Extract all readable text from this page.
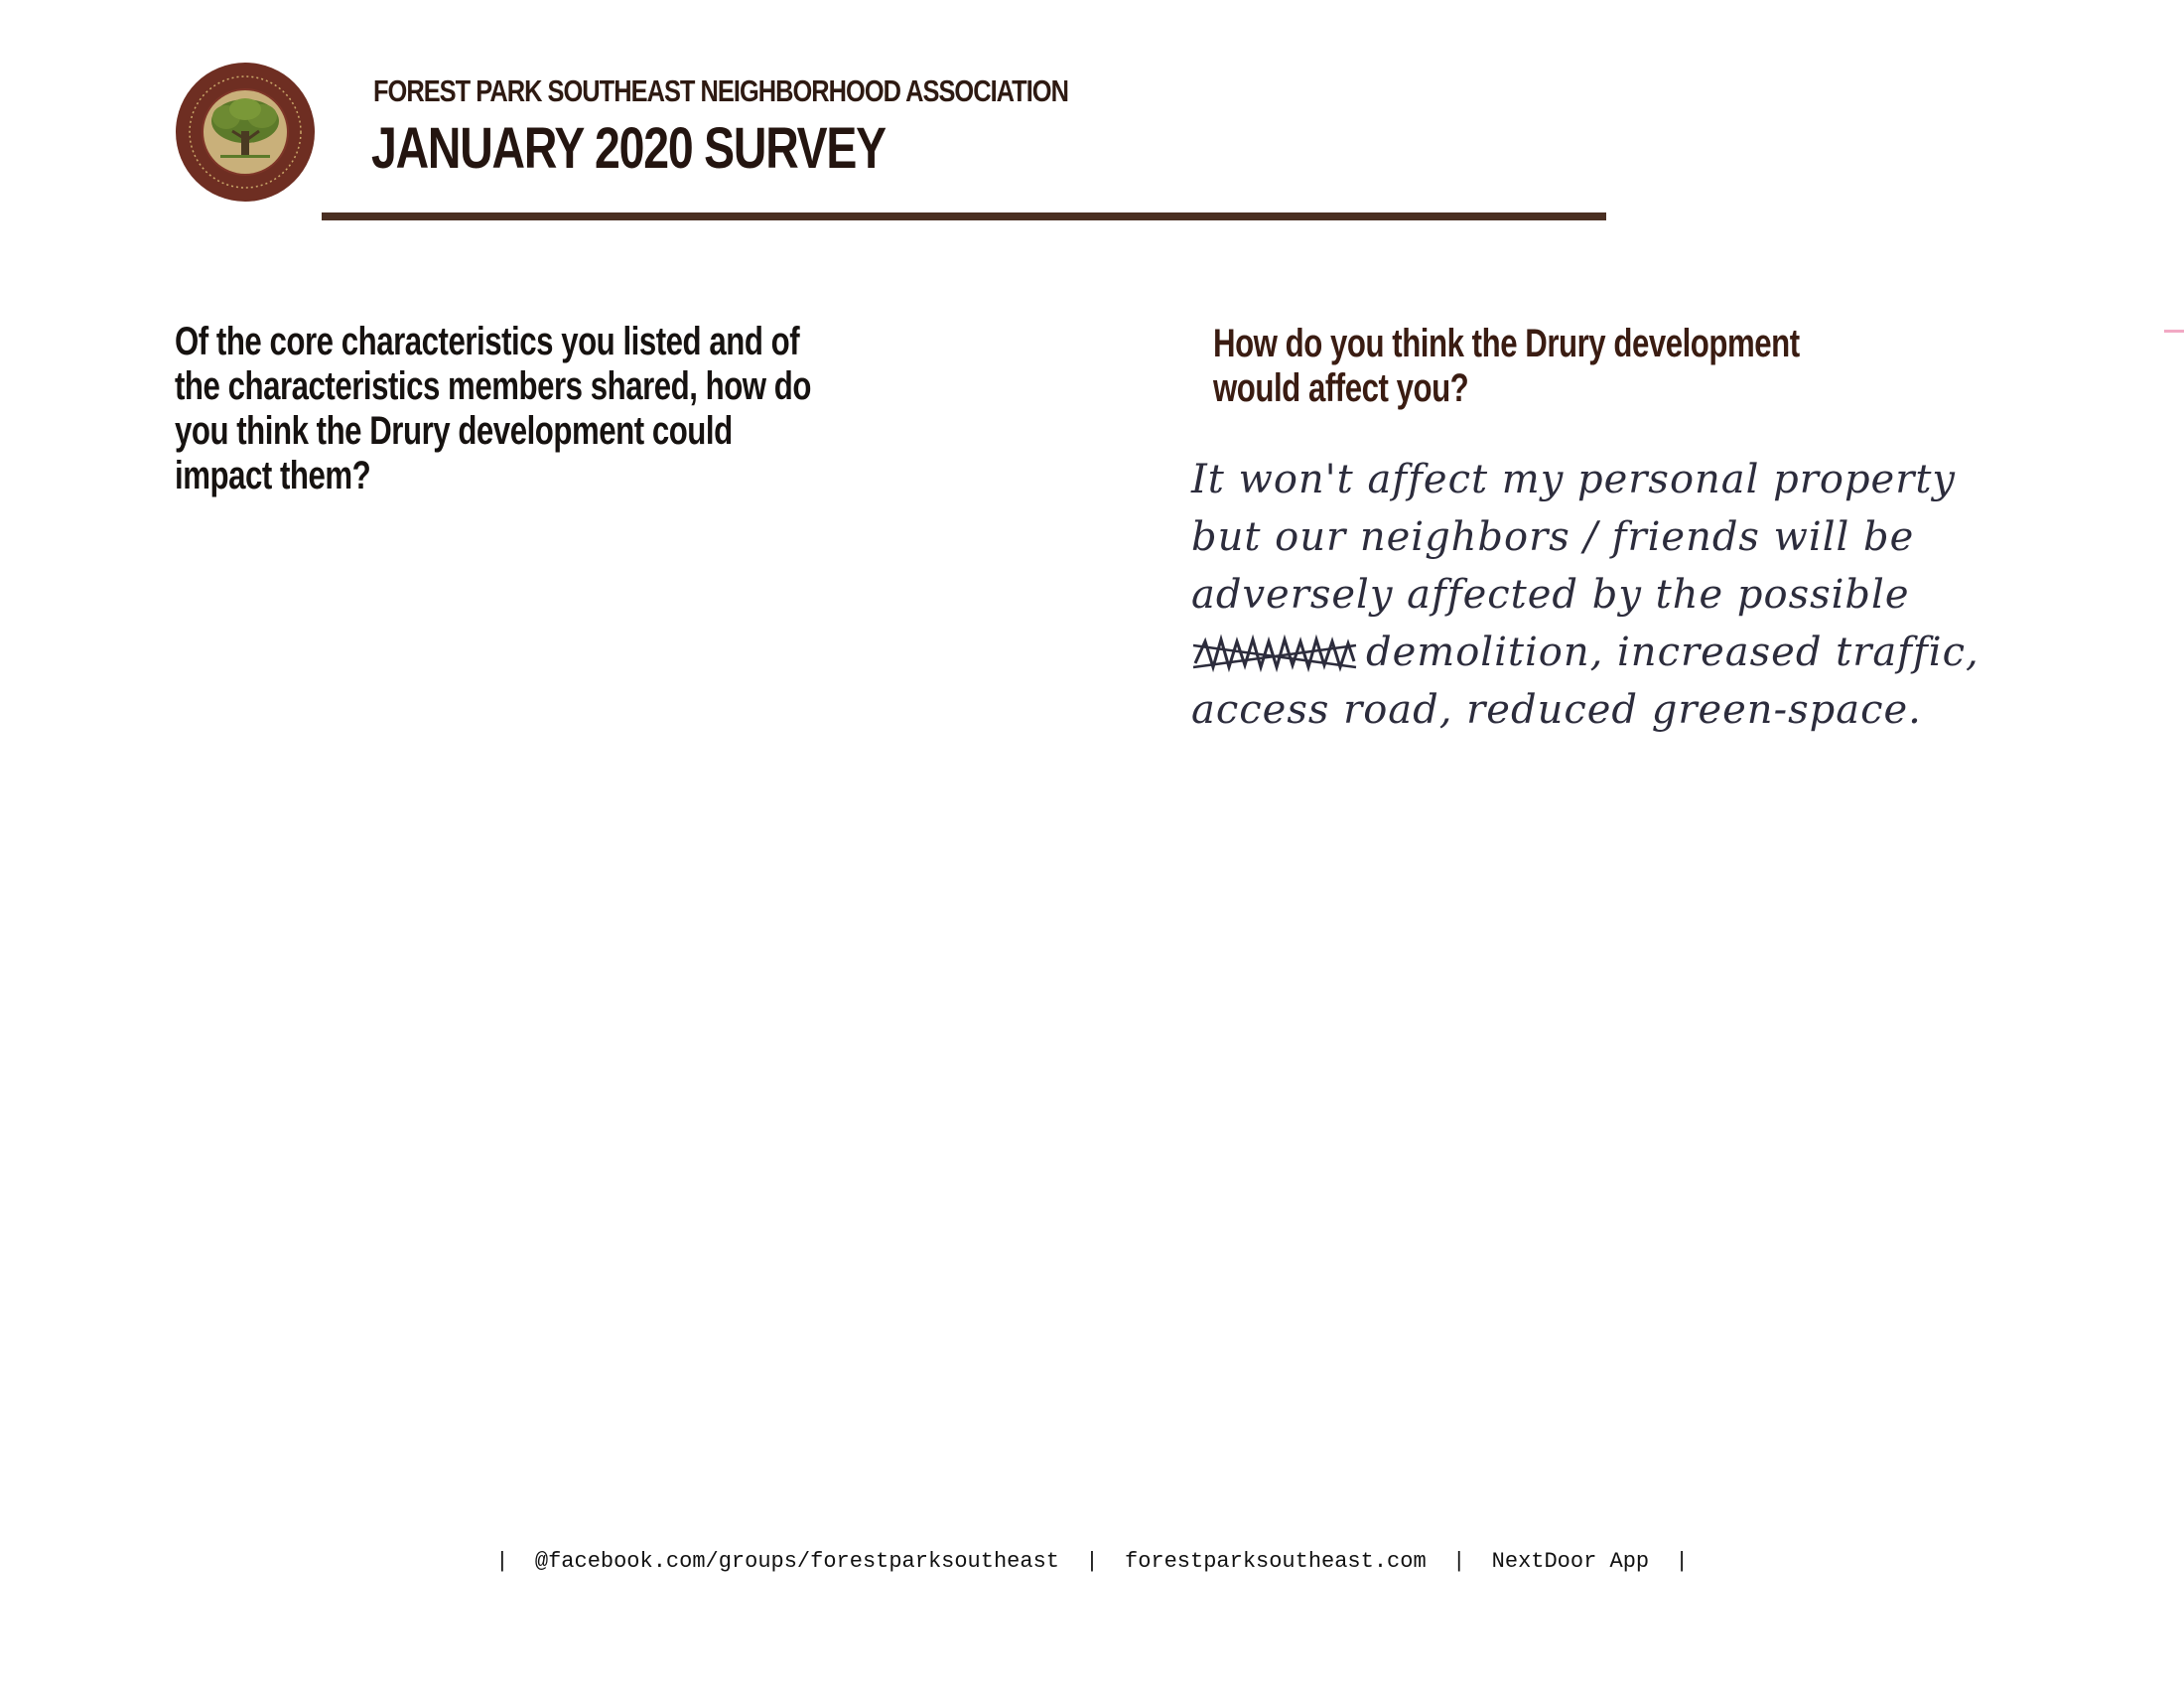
FOREST PARK SOUTHEAST NEIGHBORHOOD ASSOCIATION
JANUARY 2020 SURVEY
Of the core characteristics you listed and of the characteristics members shared, how do you think the Drury development could impact them?
How do you think the Drury development would affect you?
It won't affect my personal property
but our neighbors / friends will be
adversely affected by the possible
demolition, increased traffic,
access road, reduced green-space.
| @facebook.com/groups/forestparksoutheast | forestparksoutheast.com | NextDoor App |
